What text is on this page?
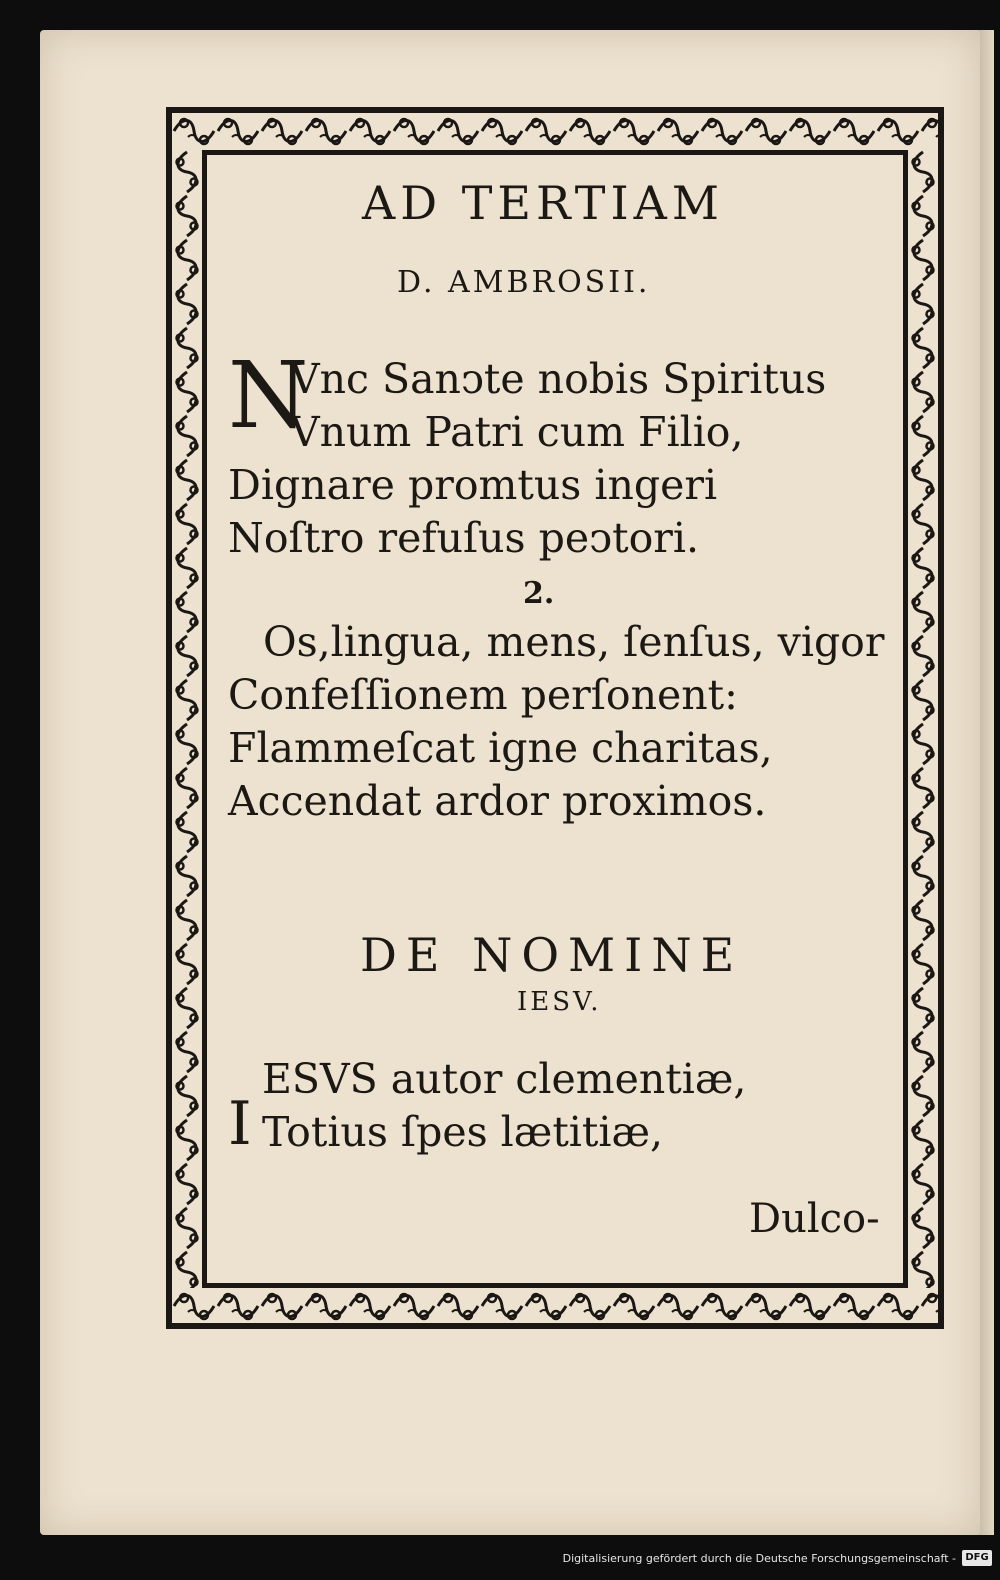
AD TERTIAM
D. AMBROSII.
N
Vnc Sanↄte nobis Spiritus
Vnum Patri cum Filio,
Dignare promtus ingeri
Noſtro refuſus peↄtori.
2.
Os,lingua, mens, ſenſus, vigor
Confeſſionem perſonent:
Flammeſcat igne charitas,
Accendat ardor proximos.
DE NOMINE
IESV.
I
ESVS autor clementiæ,
Totius ſpes lætitiæ,
Dulco-
Digitalisierung gefördert durch die Deutsche Forschungsgemeinschaft - DFG
